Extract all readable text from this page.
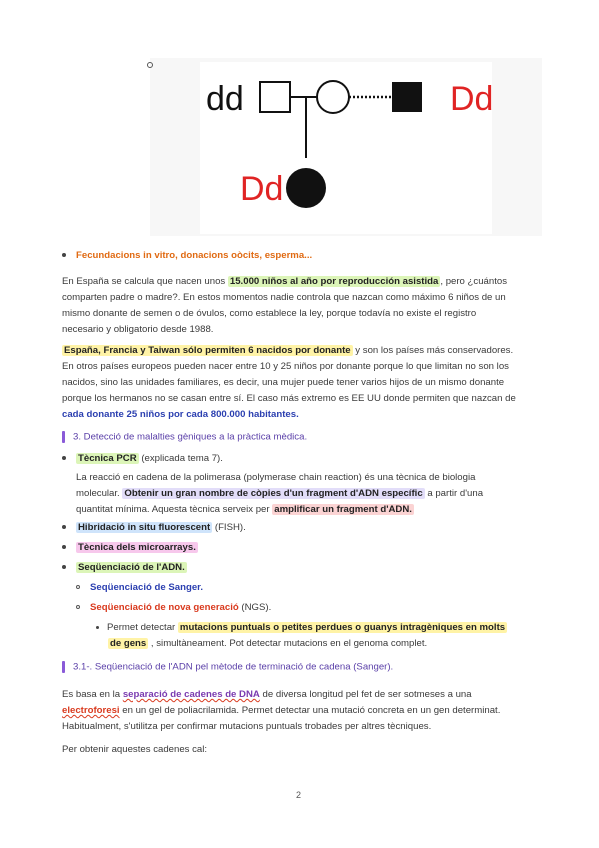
dd	Dd
Dd
Fecundacions in vitro, donacions oòcits, esperma...
En España se calcula que nacen unos 15.000 niños al año por reproducción asistida , pero ¿cuántos
comparten padre o madre?. En estos momentos nadie controla que nazcan como máximo 6 niños de un
mismo donante de semen o de óvulos, como establece la ley, porque todavía no existe el registro
necesario y obligatorio desde 1988.
España, Francia y Taiwan sólo permiten 6 nacidos por donante y son los países más conservadores.
En otros países europeos pueden nacer entre 10 y 25 niños por donante porque lo que limitan no son los
nacidos, sino las unidades familiares, es decir, una mujer puede tener varios hijos de un mismo donante
porque los hermanos no se casan entre sí. El caso más extremo es EE UU donde permiten que nazcan de
cada donante 25 niños por cada 800.000 habitantes.
3. Detecció de malalties gèniques a la pràctica mèdica.
Tècnica PCR (explicada tema 7).
La reacció en cadena de la polimerasa (polymerase chain reaction) és una tècnica de biologia
molecular. Obtenir un gran nombre de còpies d'un fragment d'ADN específic a partir d'una
quantitat mínima. Aquesta tècnica serveix per amplificar un fragment d'ADN.
Hibridació in situ fluorescent (FISH).
Tècnica dels microarrays.
Seqüenciació de l'ADN.
Seqüenciació de Sanger.
Seqüenciació de nova generació (NGS).
Permet detectar mutacions puntuals o petites perdues o guanys intragèniques en molts
de gens , simultàneament. Pot detectar mutacions en el genoma complet.
3.1-. Seqüenciació de l'ADN pel mètode de terminació de cadena (Sanger).
Es basa en la separació de cadenes de DNA de diversa longitud pel fet de ser sotmeses a una
electroforesi en un gel de poliacrilamida. Permet detectar una mutació concreta en un gen determinat.
Habitualment, s'utilitza per confirmar mutacions puntuals trobades per altres tècniques.
Per obtenir aquestes cadenes cal:
2
